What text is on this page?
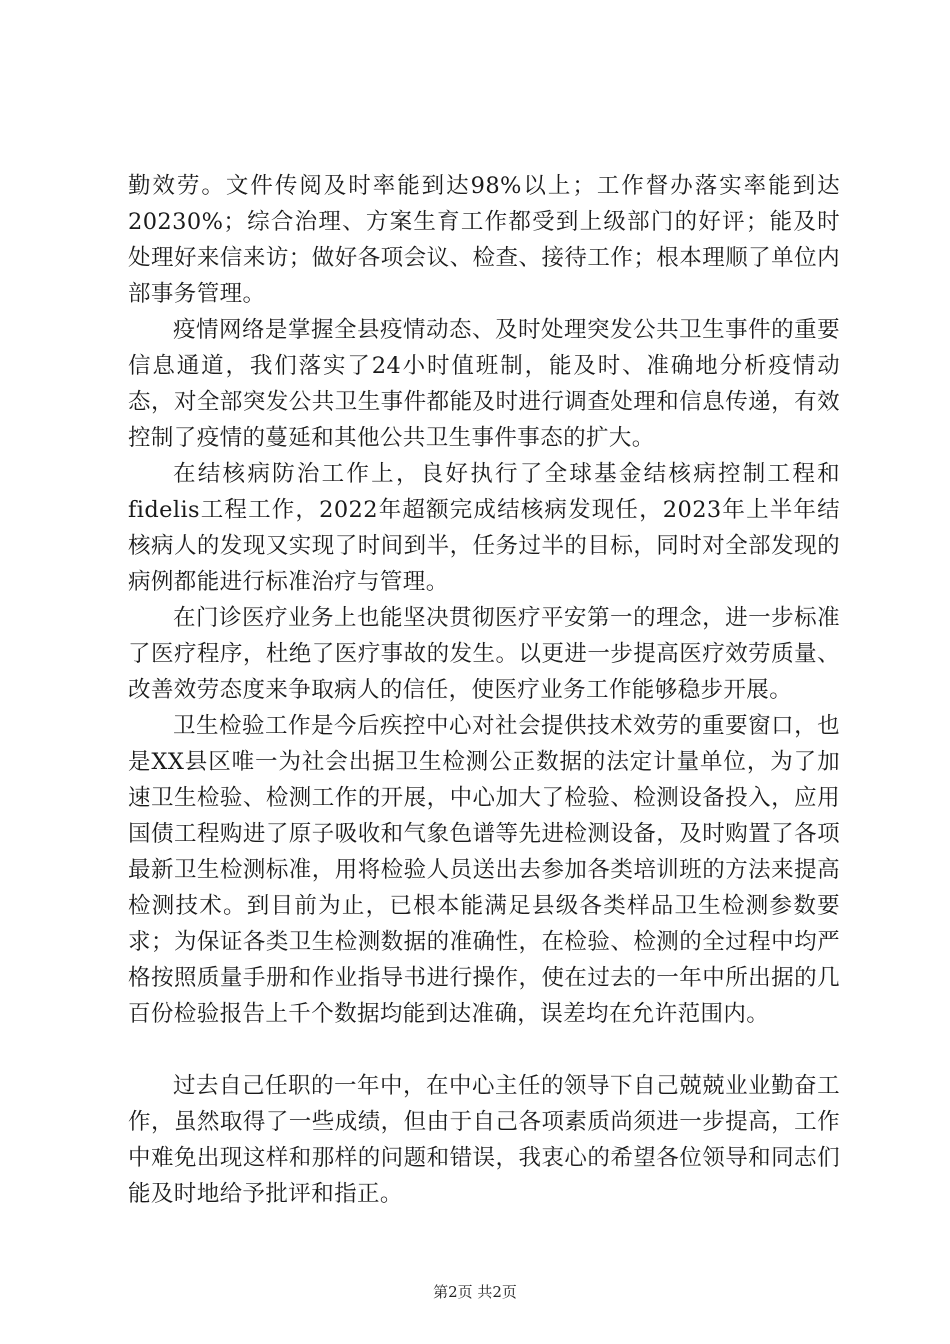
勤效劳。文件传阅及时率能到达98%以上；工作督办落实率能到达20230%；综合治理、方案生育工作都受到上级部门的好评；能及时处理好来信来访；做好各项会议、检查、接待工作；根本理顺了单位内部事务管理。

疫情网络是掌握全县疫情动态、及时处理突发公共卫生事件的重要信息通道，我们落实了24小时值班制，能及时、准确地分析疫情动态，对全部突发公共卫生事件都能及时进行调查处理和信息传递，有效控制了疫情的蔓延和其他公共卫生事件事态的扩大。

在结核病防治工作上，良好执行了全球基金结核病控制工程和fidelis工程工作，2022年超额完成结核病发现任，2023年上半年结核病人的发现又实现了时间到半，任务过半的目标，同时对全部发现的病例都能进行标准治疗与管理。

在门诊医疗业务上也能坚决贯彻医疗平安第一的理念，进一步标准了医疗程序，杜绝了医疗事故的发生。以更进一步提高医疗效劳质量、改善效劳态度来争取病人的信任，使医疗业务工作能够稳步开展。

卫生检验工作是今后疾控中心对社会提供技术效劳的重要窗口，也是XX县区唯一为社会出据卫生检测公正数据的法定计量单位，为了加速卫生检验、检测工作的开展，中心加大了检验、检测设备投入，应用国债工程购进了原子吸收和气象色谱等先进检测设备，及时购置了各项最新卫生检测标准，用将检验人员送出去参加各类培训班的方法来提高检测技术。到目前为止，已根本能满足县级各类样品卫生检测参数要求；为保证各类卫生检测数据的准确性，在检验、检测的全过程中均严格按照质量手册和作业指导书进行操作，使在过去的一年中所出据的几百份检验报告上千个数据均能到达准确，误差均在允许范围内。

过去自己任职的一年中，在中心主任的领导下自己兢兢业业勤奋工作，虽然取得了一些成绩，但由于自己各项素质尚须进一步提高，工作中难免出现这样和那样的问题和错误，我衷心的希望各位领导和同志们能及时地给予批评和指正。

第2页 共2页
